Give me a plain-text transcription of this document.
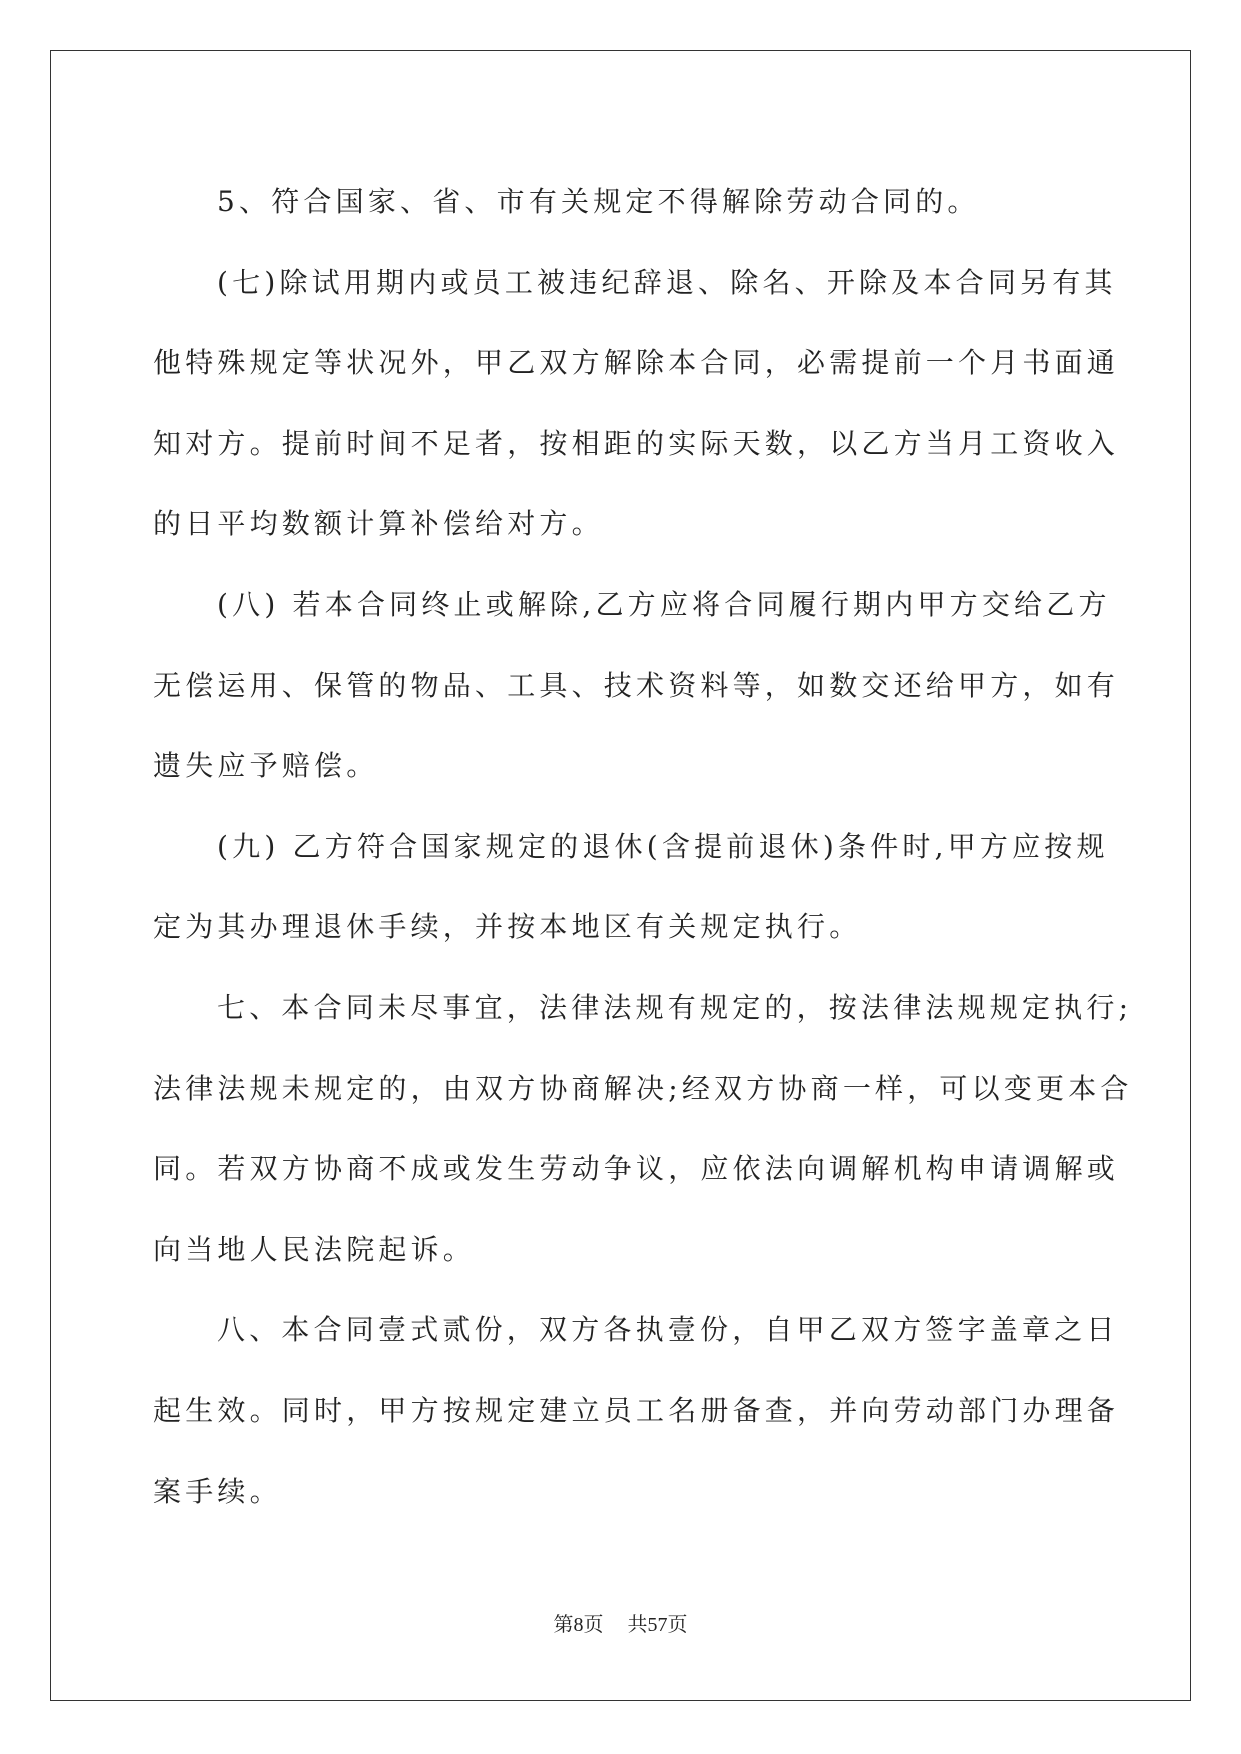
5、符合国家、省、市有关规定不得解除劳动合同的。

(七)除试用期内或员工被违纪辞退、除名、开除及本合同另有其
他特殊规定等状况外，甲乙双方解除本合同，必需提前一个月书面通
知对方。提前时间不足者，按相距的实际天数，以乙方当月工资收入
的日平均数额计算补偿给对方。

(八) 若本合同终止或解除,乙方应将合同履行期内甲方交给乙方
无偿运用、保管的物品、工具、技术资料等，如数交还给甲方，如有
遗失应予赔偿。

(九) 乙方符合国家规定的退休(含提前退休)条件时,甲方应按规
定为其办理退休手续，并按本地区有关规定执行。

七、本合同未尽事宜，法律法规有规定的，按法律法规规定执行;
法律法规未规定的，由双方协商解决;经双方协商一样，可以变更本合
同。若双方协商不成或发生劳动争议，应依法向调解机构申请调解或
向当地人民法院起诉。

八、本合同壹式贰份，双方各执壹份，自甲乙双方签字盖章之日
起生效。同时，甲方按规定建立员工名册备查，并向劳动部门办理备
案手续。

第8页 共57页
